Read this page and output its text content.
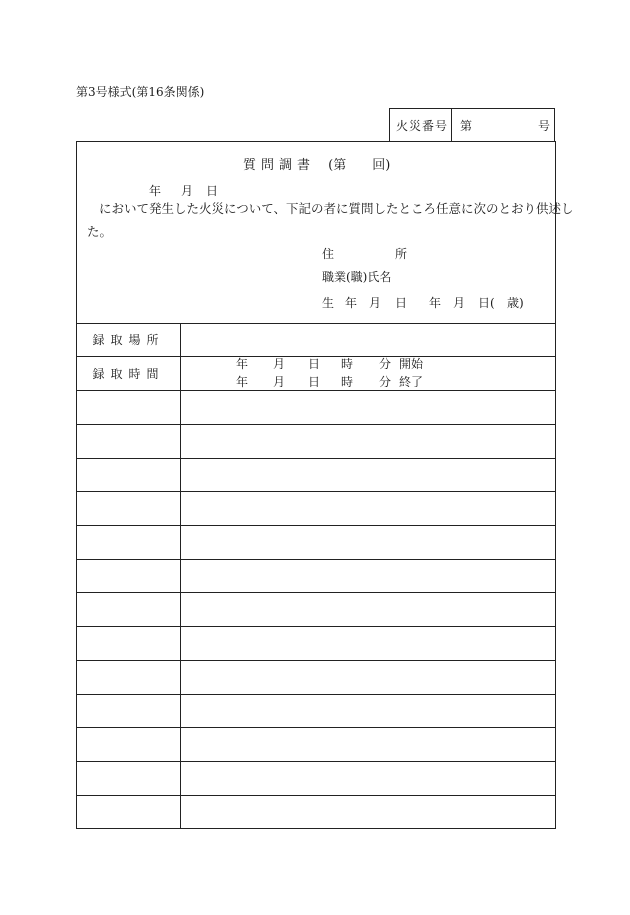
第3号様式(第16条関係)
火災番号 第	号
質問調書 (第 回)
年 月 日
において発生した火災について、下記の者に質問したところ任意に次のとおり供述し
た。
住	所
職業(職)氏名
生 年 月 日 年 月 日( 歳)
録取場所
録取時間
年 月 日 時 分 開始
年 月 日 時 分 終了
